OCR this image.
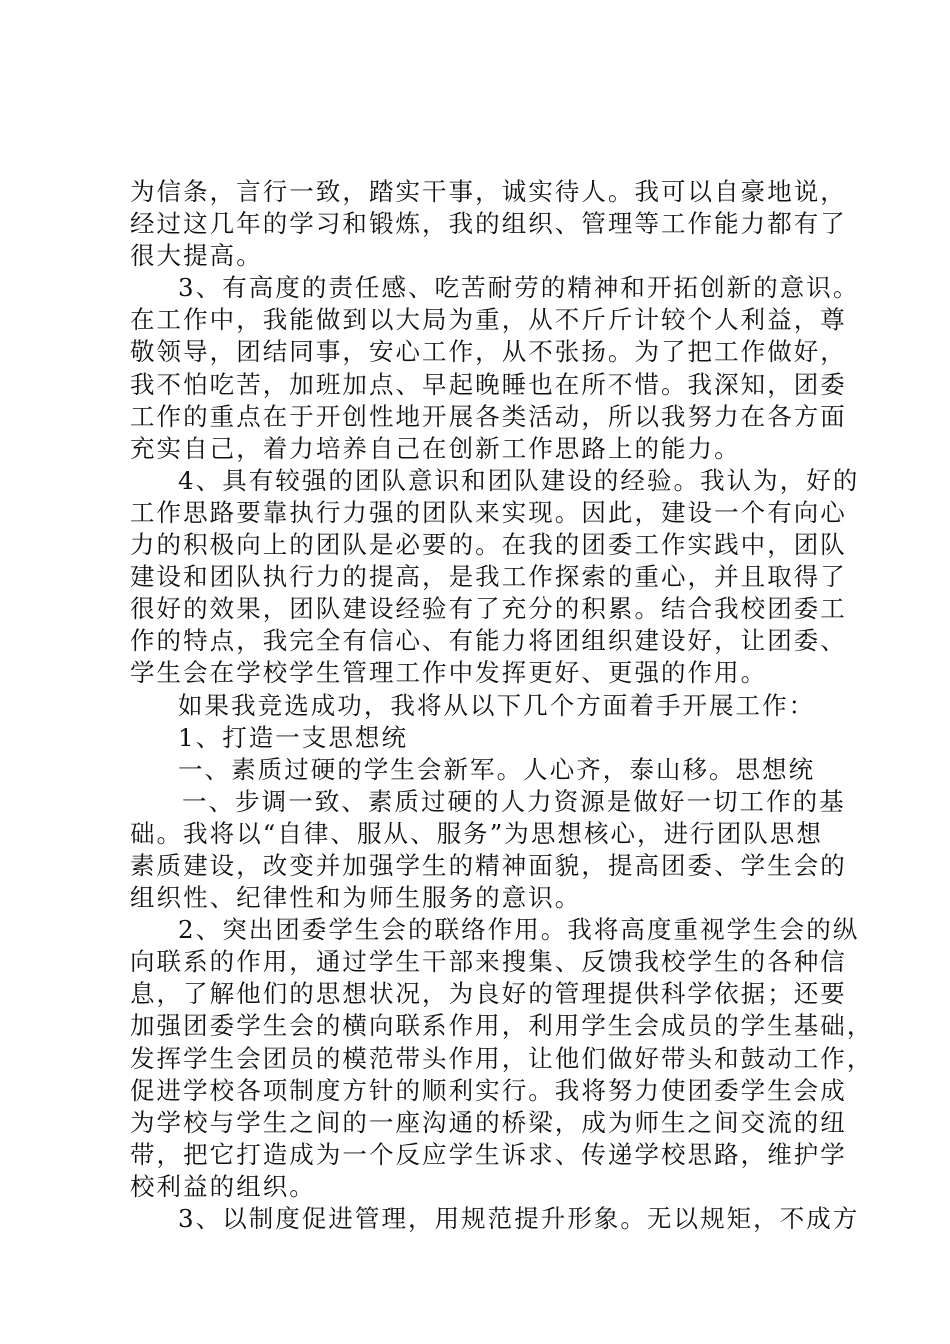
为信条，言行一致，踏实干事，诚实待人。我可以自豪地说，
经过这几年的学习和锻炼，我的组织、管理等工作能力都有了
很大提高。
3、有高度的责任感、吃苦耐劳的精神和开拓创新的意识。
在工作中，我能做到以大局为重，从不斤斤计较个人利益，尊
敬领导，团结同事，安心工作，从不张扬。为了把工作做好，
我不怕吃苦，加班加点、早起晚睡也在所不惜。我深知，团委
工作的重点在于开创性地开展各类活动，所以我努力在各方面
充实自己，着力培养自己在创新工作思路上的能力。
4、具有较强的团队意识和团队建设的经验。我认为，好的
工作思路要靠执行力强的团队来实现。因此，建设一个有向心
力的积极向上的团队是必要的。在我的团委工作实践中，团队
建设和团队执行力的提高，是我工作探索的重心，并且取得了
很好的效果，团队建设经验有了充分的积累。结合我校团委工
作的特点，我完全有信心、有能力将团组织建设好，让团委、
学生会在学校学生管理工作中发挥更好、更强的作用。
如果我竞选成功，我将从以下几个方面着手开展工作：
1、打造一支思想统
一、素质过硬的学生会新军。人心齐，泰山移。思想统
一、步调一致、素质过硬的人力资源是做好一切工作的基
础。我将以“自律、服从、服务”为思想核心，进行团队思想
素质建设，改变并加强学生的精神面貌，提高团委、学生会的
组织性、纪律性和为师生服务的意识。
2、突出团委学生会的联络作用。我将高度重视学生会的纵
向联系的作用，通过学生干部来搜集、反馈我校学生的各种信
息，了解他们的思想状况，为良好的管理提供科学依据；还要
加强团委学生会的横向联系作用，利用学生会成员的学生基础，
发挥学生会团员的模范带头作用，让他们做好带头和鼓动工作，
促进学校各项制度方针的顺利实行。我将努力使团委学生会成
为学校与学生之间的一座沟通的桥梁，成为师生之间交流的纽
带，把它打造成为一个反应学生诉求、传递学校思路，维护学
校利益的组织。
3、以制度促进管理，用规范提升形象。无以规矩，不成方
